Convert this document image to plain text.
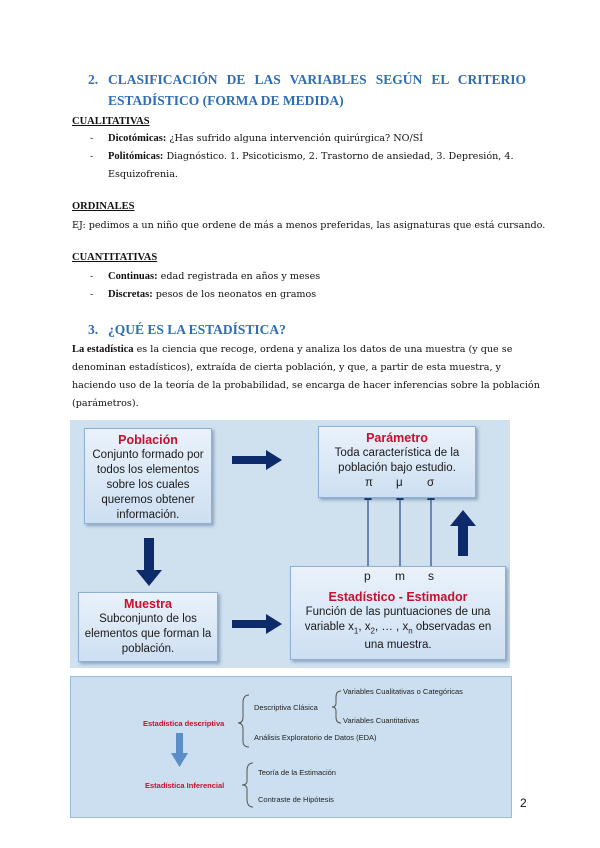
2. CLASIFICACIÓN DE LAS VARIABLES SEGÚN EL CRITERIO
ESTADÍSTICO (FORMA DE MEDIDA)
CUALITATIVAS
- Dicotómicas: ¿Has sufrido alguna intervención quirúrgica? NO/SÍ
- Politómicas: Diagnóstico. 1. Psicoticismo, 2. Trastorno de ansiedad, 3. Depresión, 4.
Esquizofrenia.
ORDINALES
EJ: pedimos a un niño que ordene de más a menos preferidas, las asignaturas que está cursando.
CUANTITATIVAS
- Continuas: edad registrada en años y meses
- Discretas: pesos de los neonatos en gramos
3. ¿QUÉ ES LA ESTADÍSTICA?
La estadística es la ciencia que recoge, ordena y analiza los datos de una muestra (y que se
denominan estadísticos), extraída de cierta población, y que, a partir de esta muestra, y
haciendo uso de la teoría de la probabilidad, se encarga de hacer inferencias sobre la población
(parámetros).
Población
Conjunto formado por
todos los elementos
sobre los cuales
queremos obtener
información.
Parámetro
Toda característica de la
población bajo estudio.
π μ σ
Muestra
Subconjunto de los
elementos que forman la
población.
p m s
Estadístico - Estimador
Función de las puntuaciones de una
variable $x_1$, $x_2$, … , $x_n$ observadas en
una muestra.
Estadística descriptiva
Estadística Inferencial
Descriptiva Clásica
Variables Cualitativas o Categóricas
Variables Cuantitativas
Análisis Exploratorio de Datos (EDA)
Teoría de la Estimación
Contraste de Hipótesis	2
